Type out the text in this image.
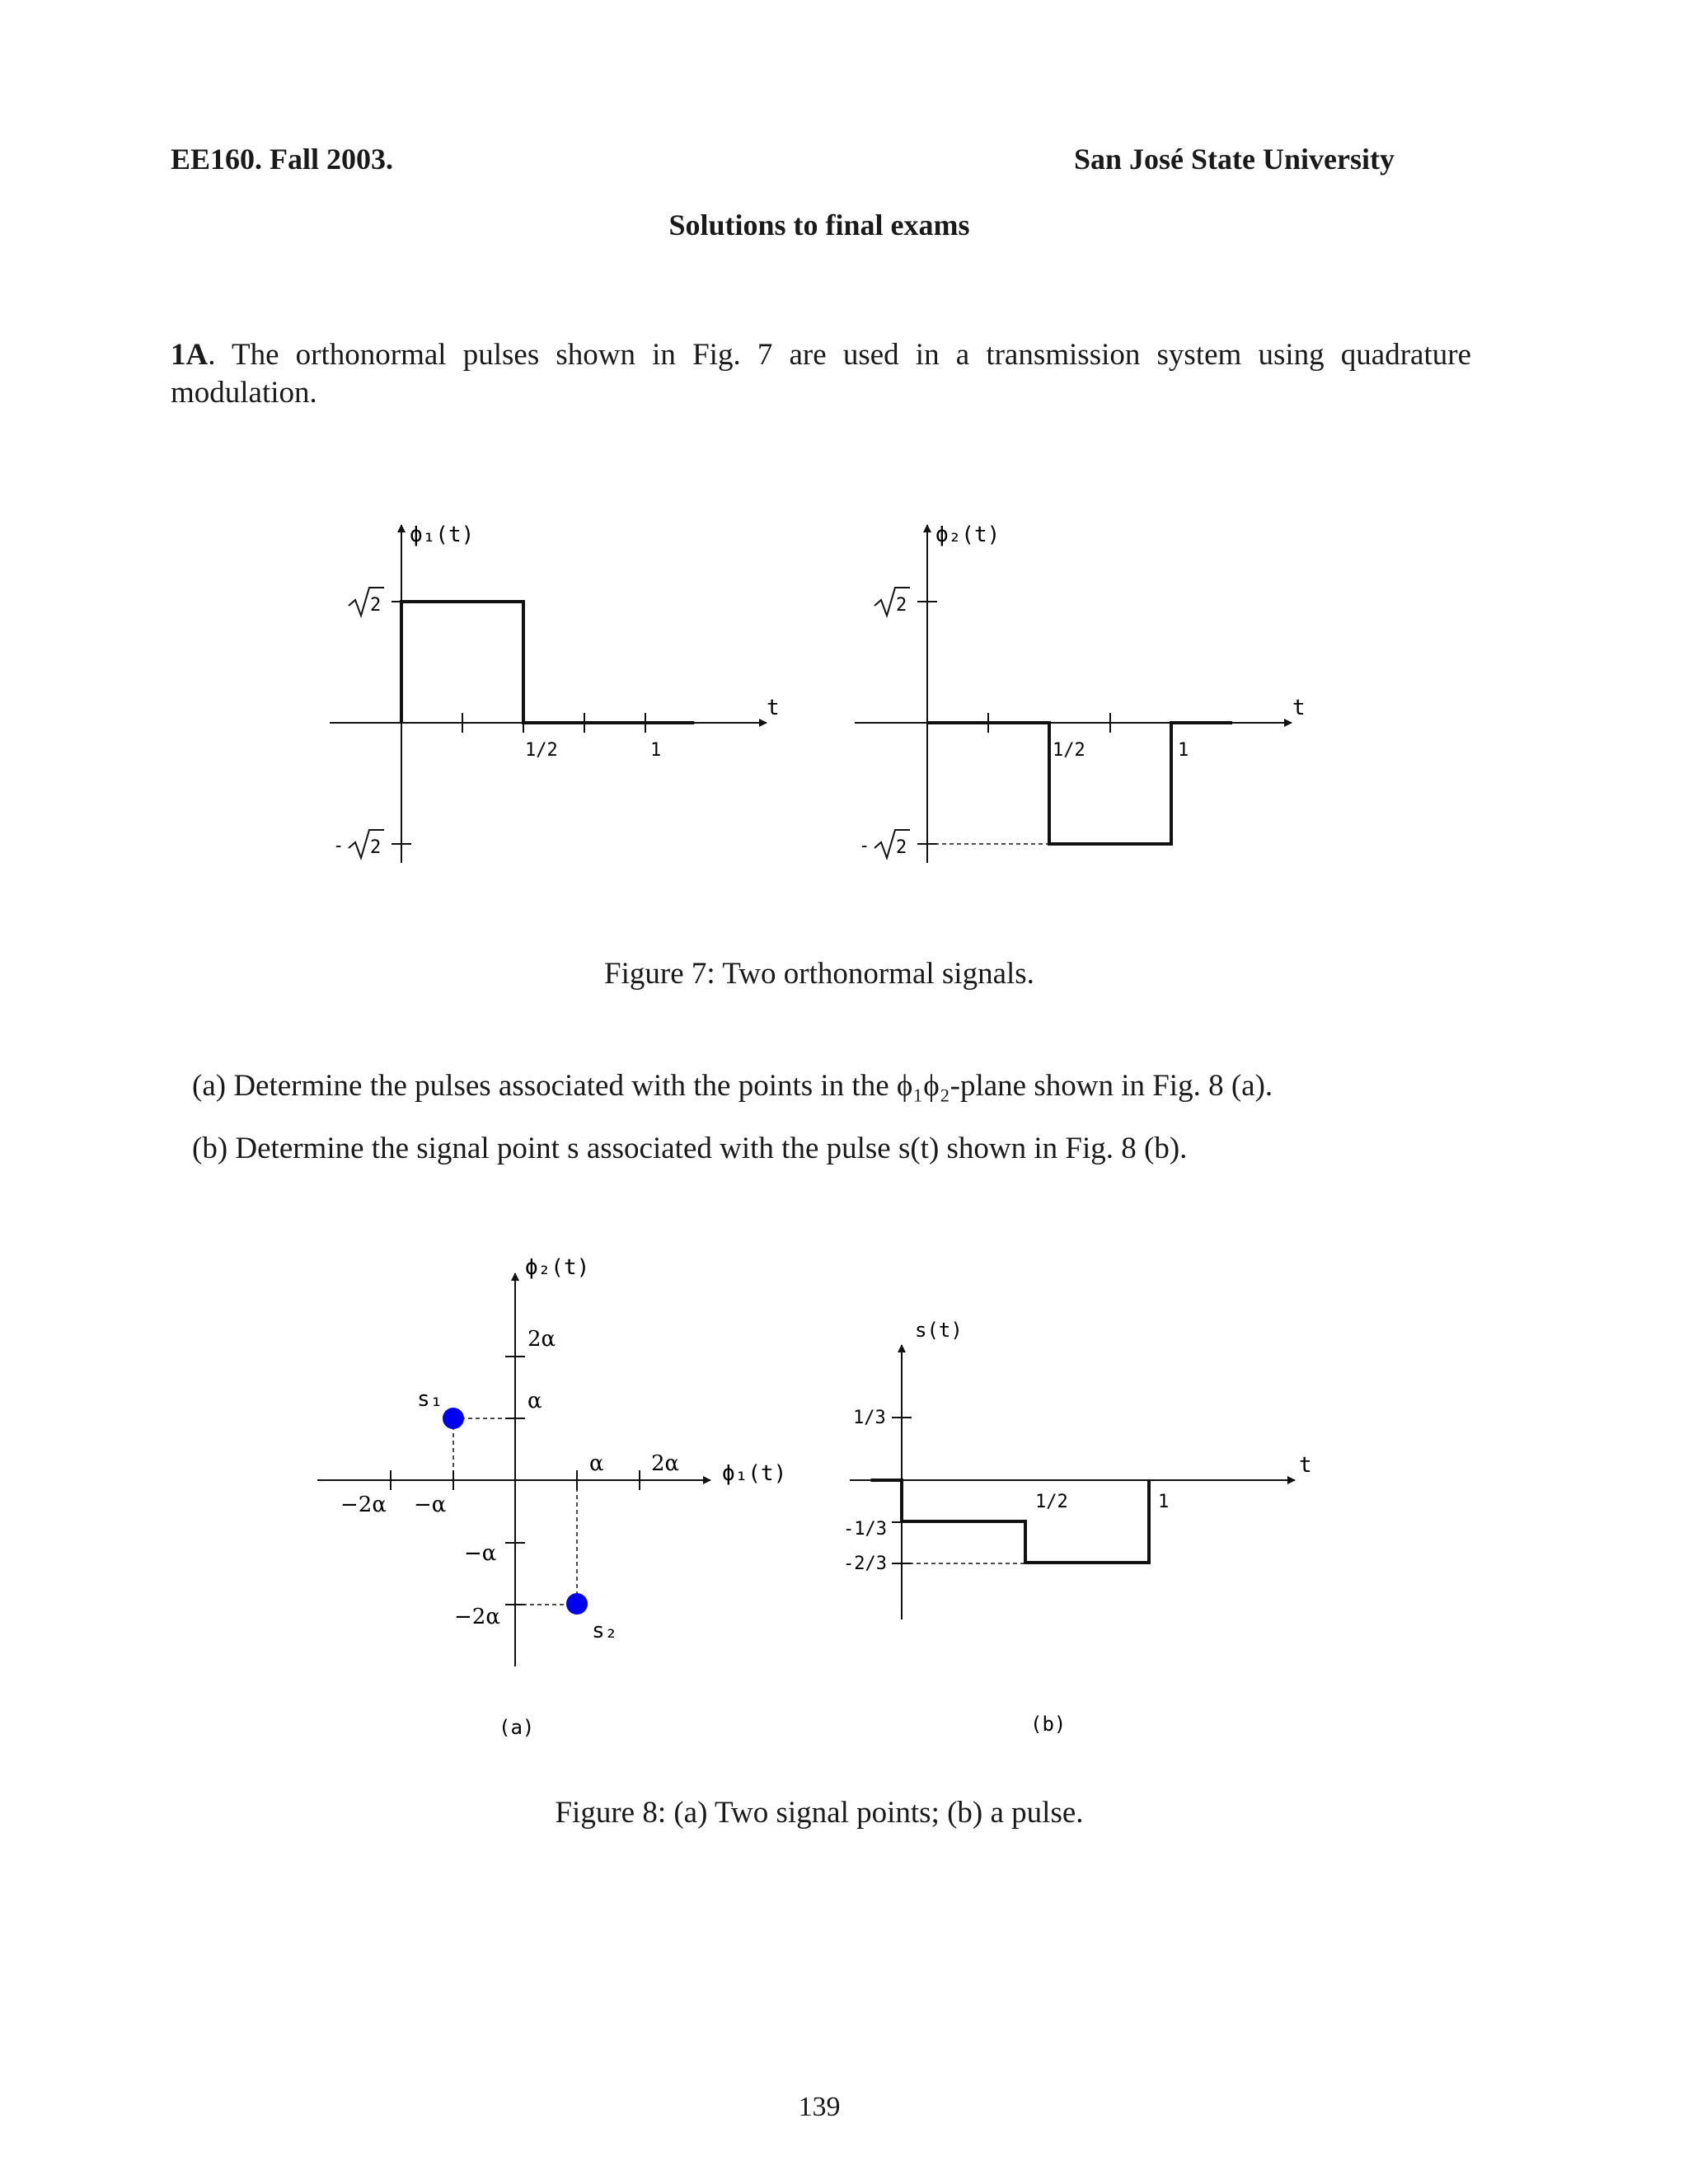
EE160. Fall 2003.	San José State University
Solutions to final exams
1A. The orthonormal pulses shown in Fig. 7 are used in a transmission system using quadrature modulation.
ϕ₁(t)
t
1/2	1
2
- 2
ϕ₂(t)
t
1/2	1
2
- 2
ϕ₂(t)
ϕ₁(t)
2α
α
−α
−2α
−2α −α
α 2α
s₁
s₂
(a)
s(t)
t
1/3
-1/3
-2/3
1/2	1
(b)
Figure 7: Two orthonormal signals.
(a) Determine the pulses associated with the points in the ϕ₁ϕ₂-plane shown in Fig. 8 (a).
(b) Determine the signal point s associated with the pulse s(t) shown in Fig. 8 (b).
Figure 8: (a) Two signal points; (b) a pulse.
139
